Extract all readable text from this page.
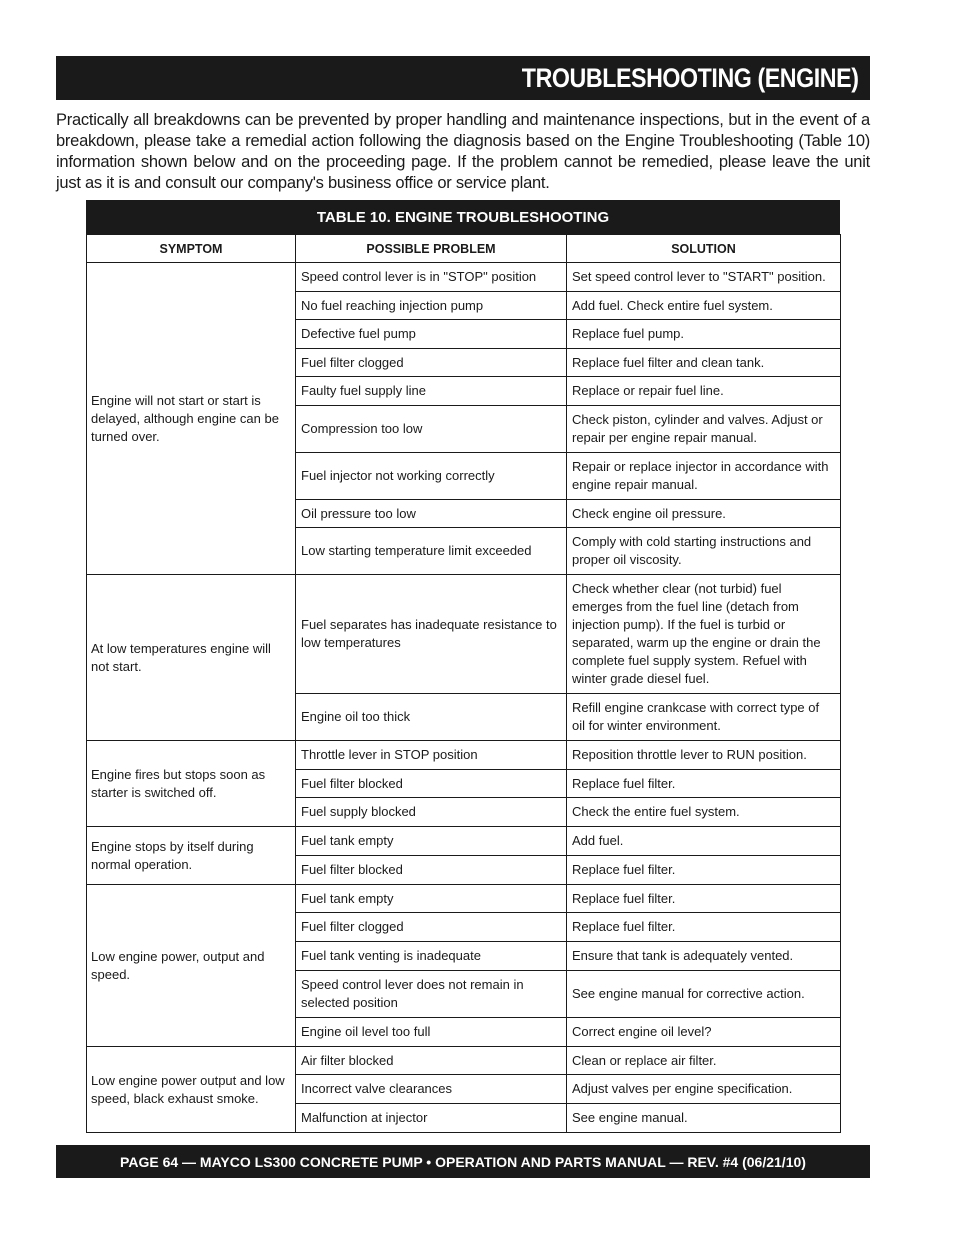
TROUBLESHOOTING (ENGINE)

Practically all breakdowns can be prevented by proper handling and maintenance inspections, but in the event of a breakdown, please take a remedial action following the diagnosis based on the Engine Troubleshooting (Table 10) information shown below and on the proceeding page. If the problem cannot be remedied, please leave the unit just as it is and consult our company's business office or service plant.

TABLE 10. ENGINE TROUBLESHOOTING
SYMPTOM	POSSIBLE PROBLEM	SOLUTION
Engine will not start or start is delayed, although engine can be turned over.	Speed control lever is in "STOP" position	Set speed control lever to "START" position.
	No fuel reaching injection pump	Add fuel. Check entire fuel system.
	Defective fuel pump	Replace fuel pump.
	Fuel filter clogged	Replace fuel filter and clean tank.
	Faulty fuel supply line	Replace or repair fuel line.
	Compression too low	Check piston, cylinder and valves. Adjust or repair per engine repair manual.
	Fuel injector not working correctly	Repair or replace injector in accordance with engine repair manual.
	Oil pressure too low	Check engine oil pressure.
	Low starting temperature limit exceeded	Comply with cold starting instructions and proper oil viscosity.
At low temperatures engine will not start.	Fuel separates has inadequate resistance to low temperatures	Check whether clear (not turbid) fuel emerges from the fuel line (detach from injection pump). If the fuel is turbid or separated, warm up the engine or drain the complete fuel supply system. Refuel with winter grade diesel fuel.
	Engine oil too thick	Refill engine crankcase with correct type of oil for winter environment.
Engine fires but stops soon as starter is switched off.	Throttle lever in STOP position	Reposition throttle lever to RUN position.
	Fuel filter blocked	Replace fuel filter.
	Fuel supply blocked	Check the entire fuel system.
Engine stops by itself during normal operation.	Fuel tank empty	Add fuel.
	Fuel filter blocked	Replace fuel filter.
Low engine power, output and speed.	Fuel tank empty	Replace fuel filter.
	Fuel filter clogged	Replace fuel filter.
	Fuel tank venting is inadequate	Ensure that tank is adequately vented.
	Speed control lever does not remain in selected position	See engine manual for corrective action.
	Engine oil level too full	Correct engine oil level?
Low engine power output and low speed, black exhaust smoke.	Air filter blocked	Clean or replace air filter.
	Incorrect valve clearances	Adjust valves per engine specification.
	Malfunction at injector	See engine manual.
PAGE 64 — MAYCO LS300 CONCRETE PUMP • OPERATION AND PARTS MANUAL — REV. #4 (06/21/10)
